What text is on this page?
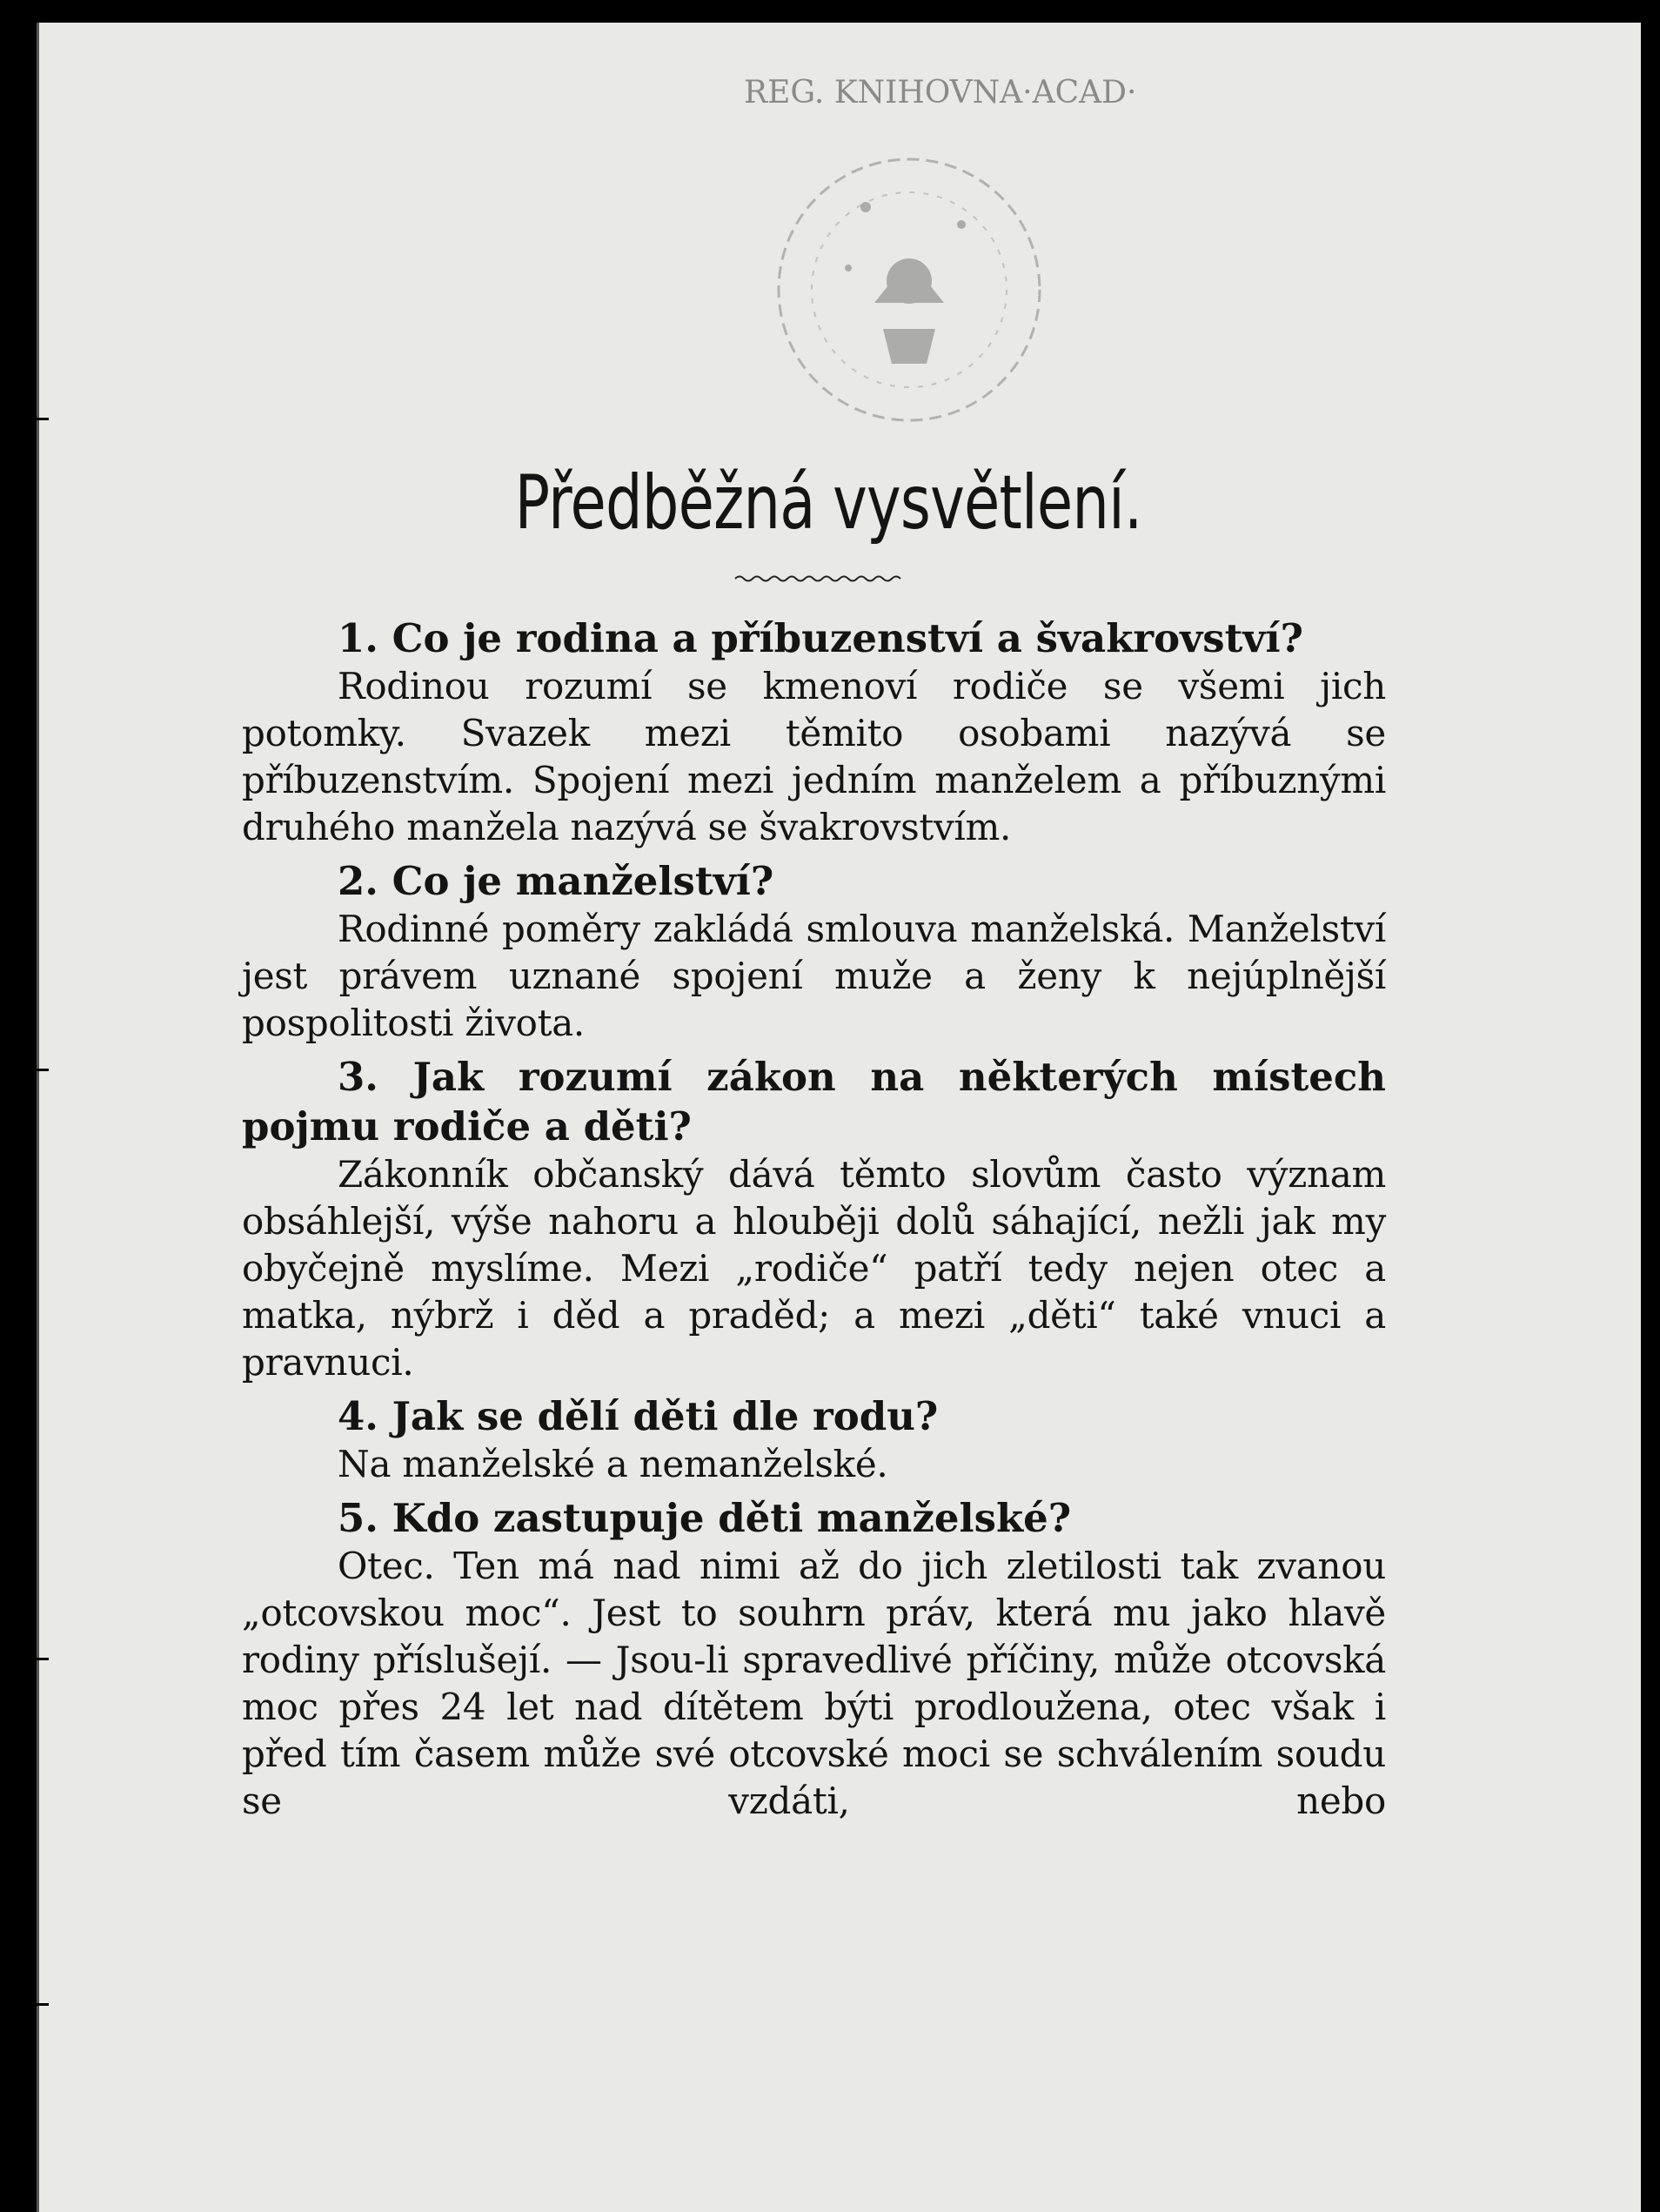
REG. KNIHOVNA·ACAD·
Předběžná vysvětlení.

1. Co je rodina a příbuzenství a švakrovství?

Rodinou rozumí se kmenoví rodiče se všemi jich potomky. Svazek mezi těmito osobami nazývá se příbuzenstvím. Spojení mezi jedním manželem a příbuznými druhého manžela nazývá se švakrovstvím.

2. Co je manželství?

Rodinné poměry zakládá smlouva manželská. Manželství jest právem uznané spojení muže a ženy k nejúplnější pospolitosti života.

3. Jak rozumí zákon na některých místech pojmu rodiče a děti?

Zákonník občanský dává těmto slovům často význam obsáhlejší, výše nahoru a hlouběji dolů sáhající, nežli jak my obyčejně myslíme. Mezi „rodiče“ patří tedy nejen otec a matka, nýbrž i děd a praděd; a mezi „děti“ také vnuci a pravnuci.

4. Jak se dělí děti dle rodu?

Na manželské a nemanželské.

5. Kdo zastupuje děti manželské?

Otec. Ten má nad nimi až do jich zletilosti tak zvanou „otcovskou moc“. Jest to souhrn práv, která mu jako hlavě rodiny příslušejí. — Jsou-li spravedlivé příčiny, může otcovská moc přes 24 let nad dítětem býti prodloužena, otec však i před tím časem může své otcovské moci se schválením soudu se vzdáti, nebo
